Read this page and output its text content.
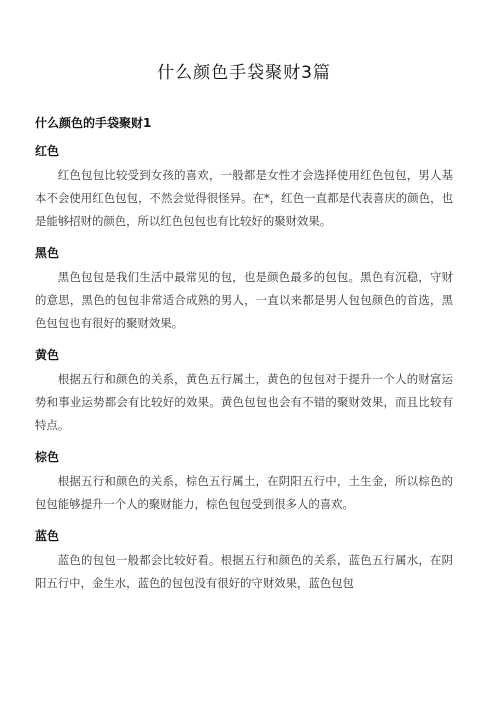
什么颜色手袋聚财3篇
什么颜色的手袋聚财1
红色

红色包包比较受到女孩的喜欢，一般都是女性才会选择使用红色包包，男人基本不会使用红色包包，不然会觉得很怪异。在*，红色一直都是代表喜庆的颜色，也是能够招财的颜色，所以红色包包也有比较好的聚财效果。

黑色

黑色包包是我们生活中最常见的包，也是颜色最多的包包。黑色有沉稳，守财的意思，黑色的包包非常适合成熟的男人，一直以来都是男人包包颜色的首选，黑色包包也有很好的聚财效果。

黄色

根据五行和颜色的关系，黄色五行属土，黄色的包包对于提升一个人的财富运势和事业运势都会有比较好的效果。黄色包包也会有不错的聚财效果，而且比较有特点。

棕色

根据五行和颜色的关系，棕色五行属土，在阴阳五行中，土生金，所以棕色的包包能够提升一个人的聚财能力，棕色包包受到很多人的喜欢。

蓝色

蓝色的包包一般都会比较好看。根据五行和颜色的关系，蓝色五行属水，在阴阳五行中，金生水，蓝色的包包没有很好的守财效果，蓝色包包
